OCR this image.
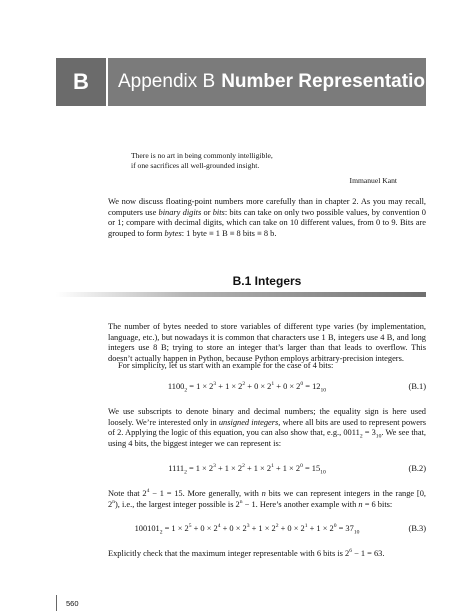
B	Appendix B Number Representations
There is no art in being commonly intelligible,
if one sacrifices all well-grounded insight.
Immanuel Kant

We now discuss floating-point numbers more carefully than in chapter 2. As you may recall, computers use binary digits or bits: bits can take on only two possible values, by convention 0 or 1; compare with decimal digits, which can take on 10 different values, from 0 to 9. Bits are grouped to form bytes: 1 byte ≡ 1 B ≡ 8 bits ≡ 8 b.

B.1 Integers

The number of bytes needed to store variables of different type varies (by implementation, language, etc.), but nowadays it is common that characters use 1 B, integers use 4 B, and long integers use 8 B; trying to store an integer that’s larger than that leads to overflow. This doesn’t actually happen in Python, because Python employs arbitrary-precision integers.

For simplicity, let us start with an example for the case of 4 bits:

$1100_2 = 1 \times 2^3 + 1 \times 2^2 + 0 \times 2^1 + 0 \times 2^0 = 12_{10}$	(B.1)

We use subscripts to denote binary and decimal numbers; the equality sign is here used loosely. We’re interested only in unsigned integers, where all bits are used to represent powers of 2. Applying the logic of this equation, you can also show that, e.g., $0011_2 = 3_{10}$. We see that, using 4 bits, the biggest integer we can represent is:

$1111_2 = 1 \times 2^3 + 1 \times 2^2 + 1 \times 2^1 + 1 \times 2^0 = 15_{10}$	(B.2)

Note that $2^4 - 1 = 15$. More generally, with n bits we can represent integers in the range [0, 2$^n$), i.e., the largest integer possible is $2^n - 1$. Here’s another example with n = 6 bits:

$100101_2 = 1 \times 2^5 + 0 \times 2^4 + 0 \times 2^3 + 1 \times 2^2 + 0 \times 2^1 + 1 \times 2^0 = 37_{10}$	(B.3)

Explicitly check that the maximum integer representable with 6 bits is $2^6 - 1 = 63$.

560
